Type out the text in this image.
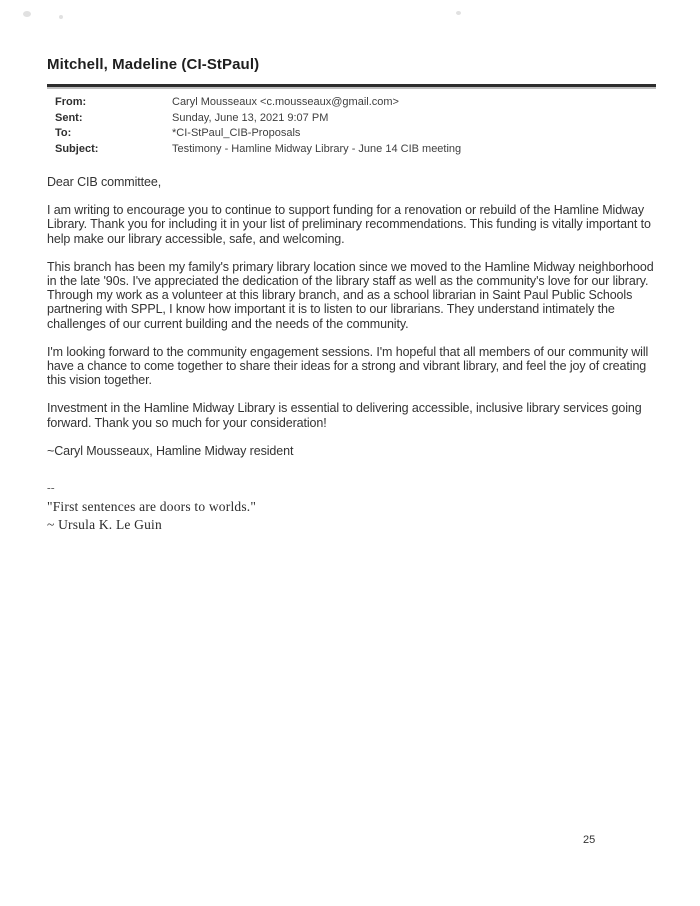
Mitchell, Madeline (CI-StPaul)
From:	Caryl Mousseaux <c.mousseaux@gmail.com>
Sent:	Sunday, June 13, 2021 9:07 PM
To:	*CI-StPaul_CIB-Proposals
Subject:	Testimony - Hamline Midway Library - June 14 CIB meeting

Dear CIB committee,

I am writing to encourage you to continue to support funding for a renovation or rebuild of the Hamline Midway Library. Thank you for including it in your list of preliminary recommendations. This funding is vitally important to help make our library accessible, safe, and welcoming.

This branch has been my family's primary library location since we moved to the Hamline Midway neighborhood in the late '90s. I've appreciated the dedication of the library staff as well as the community's love for our library. Through my work as a volunteer at this library branch, and as a school librarian in Saint Paul Public Schools partnering with SPPL, I know how important it is to listen to our librarians. They understand intimately the challenges of our current building and the needs of the community.

I'm looking forward to the community engagement sessions. I'm hopeful that all members of our community will have a chance to come together to share their ideas for a strong and vibrant library, and feel the joy of creating this vision together.

Investment in the Hamline Midway Library is essential to delivering accessible, inclusive library services going forward. Thank you so much for your consideration!

~Caryl Mousseaux, Hamline Midway resident

--
"First sentences are doors to worlds."
~ Ursula K. Le Guin
25
